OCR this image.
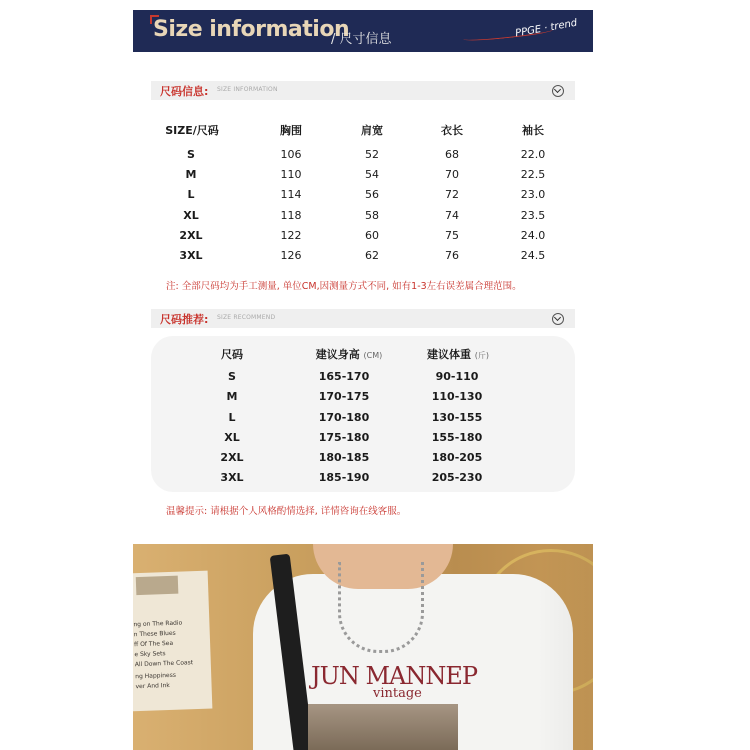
Size information
/ 尺寸信息
PPGE · trend
尺码信息: SIZE INFORMATION
SIZE/尺码	胸围	肩宽	衣长	袖长
S	106	52	68	22.0
M	110	54	70	22.5
L	114	56	72	23.0
XL	118	58	74	23.5
2XL	122	60	75	24.0
3XL	126	62	76	24.5
注: 全部尺码均为手工测量, 单位CM,因测量方式不同, 如有1-3左右误差属合理范围。
尺码推荐: SIZE RECOMMEND
尺码	建议身高 (CM)	建议体重 (斤)
S	165-170	90-110
M	170-175	110-130
L	170-180	130-155
XL	175-180	155-180
2XL	180-185	180-205
3XL	185-190	205-230
温馨提示: 请根据个人风格酌情选择, 详情咨询在线客服。
ng on The Radio
n These Blues
ff Of The Sea
e Sky Sets
All Down The Coast
ng Happiness
ver And Ink	JUN MANNEP
vintage
